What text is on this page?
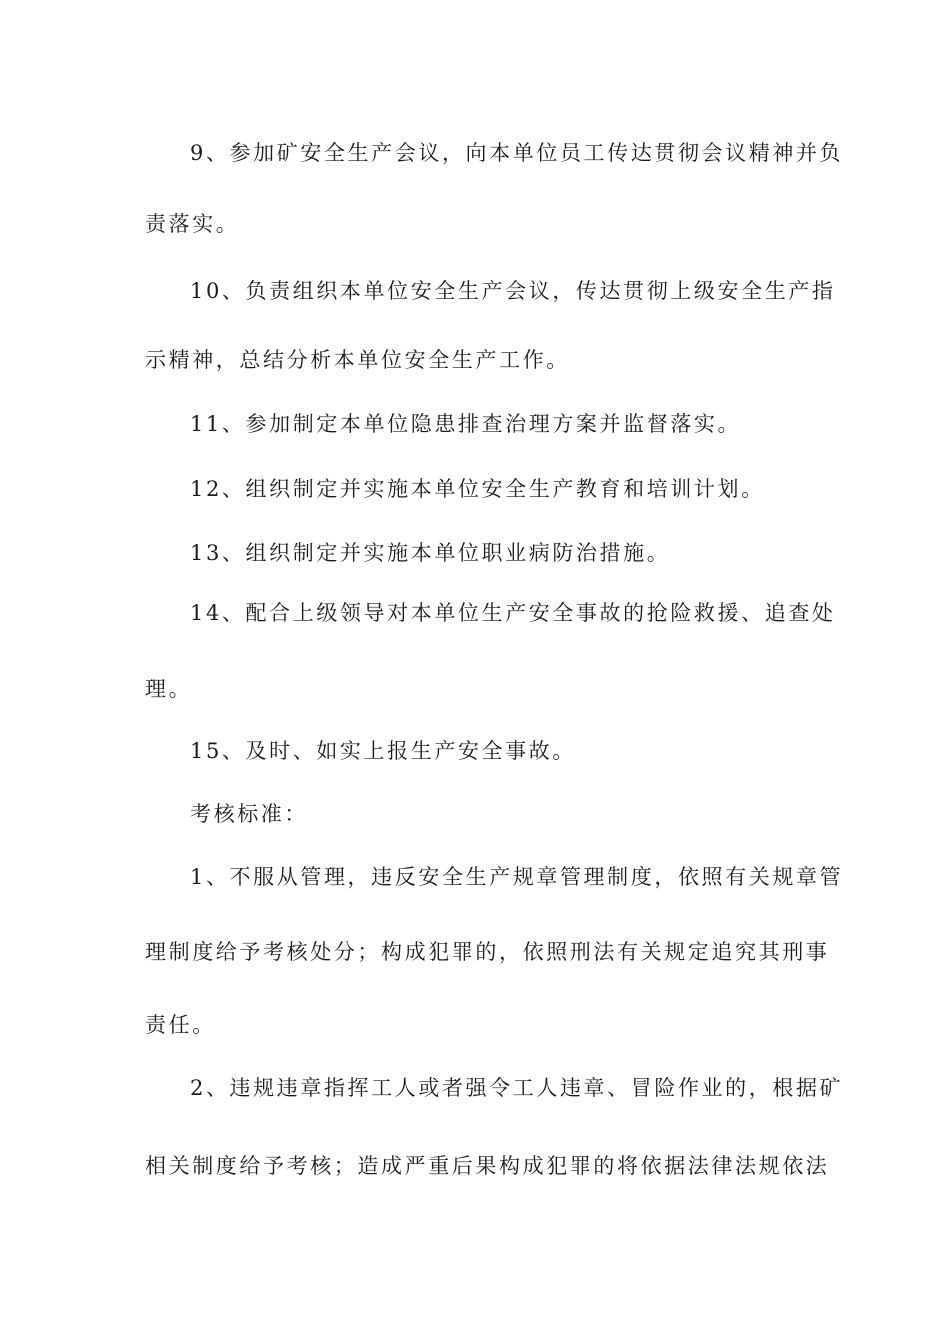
9、参加矿安全生产会议，向本单位员工传达贯彻会议精神并负
责落实。
10、负责组织本单位安全生产会议，传达贯彻上级安全生产指
示精神，总结分析本单位安全生产工作。
11、参加制定本单位隐患排查治理方案并监督落实。
12、组织制定并实施本单位安全生产教育和培训计划。
13、组织制定并实施本单位职业病防治措施。
14、配合上级领导对本单位生产安全事故的抢险救援、追查处
理。
15、及时、如实上报生产安全事故。
考核标准：
1、不服从管理，违反安全生产规章管理制度，依照有关规章管
理制度给予考核处分；构成犯罪的，依照刑法有关规定追究其刑事
责任。
2、违规违章指挥工人或者强令工人违章、冒险作业的，根据矿
相关制度给予考核；造成严重后果构成犯罪的将依据法律法规依法
